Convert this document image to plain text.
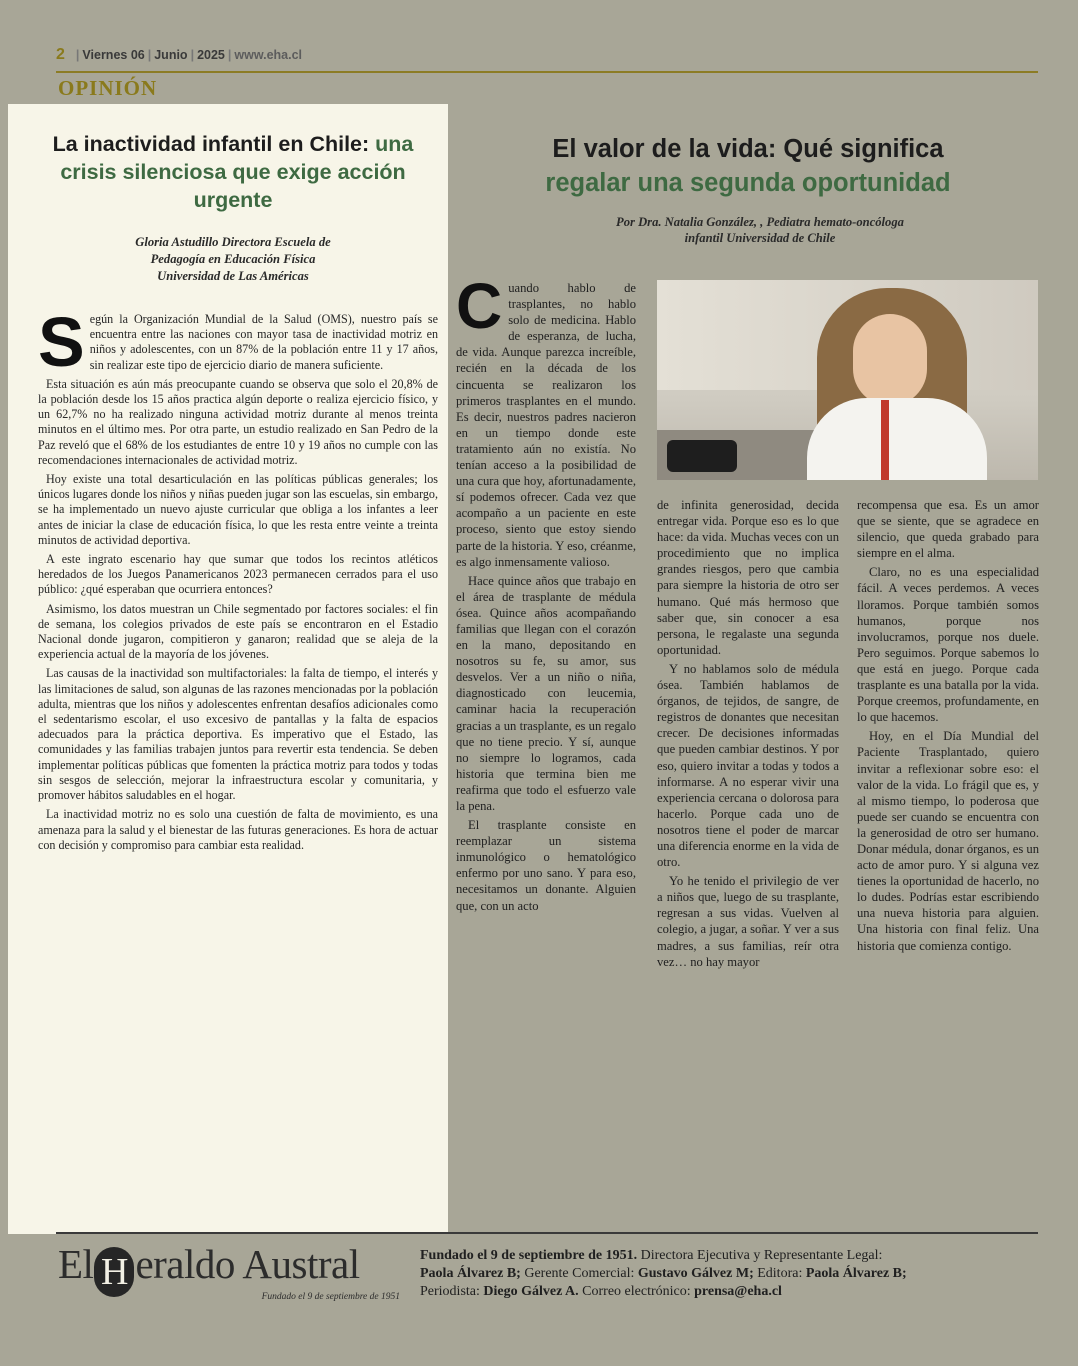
2 | Viernes 06 | Junio | 2025 | www.eha.cl
OPINIÓN
La inactividad infantil en Chile: una crisis silenciosa que exige acción urgente
Gloria Astudillo Directora Escuela de
Pedagogía en Educación Física
Universidad de Las Américas

Según la Organización Mundial de la Salud (OMS), nuestro país se encuentra entre las naciones con mayor tasa de inactividad motriz en niños y adolescentes, con un 87% de la población entre 11 y 17 años, sin realizar este tipo de ejercicio diario de manera suficiente.

Esta situación es aún más preocupante cuando se observa que solo el 20,8% de la población desde los 15 años practica algún deporte o realiza ejercicio físico, y un 62,7% no ha realizado ninguna actividad motriz durante al menos treinta minutos en el último mes. Por otra parte, un estudio realizado en San Pedro de la Paz reveló que el 68% de los estudiantes de entre 10 y 19 años no cumple con las recomendaciones internacionales de actividad motriz.

Hoy existe una total desarticulación en las políticas públicas generales; los únicos lugares donde los niños y niñas pueden jugar son las escuelas, sin embargo, se ha implementado un nuevo ajuste curricular que obliga a los infantes a leer antes de iniciar la clase de educación física, lo que les resta entre veinte a treinta minutos de actividad deportiva.

A este ingrato escenario hay que sumar que todos los recintos atléticos heredados de los Juegos Panamericanos 2023 permanecen cerrados para el uso público: ¿qué esperaban que ocurriera entonces?

Asimismo, los datos muestran un Chile segmentado por factores sociales: el fin de semana, los colegios privados de este país se encontraron en el Estadio Nacional donde jugaron, compitieron y ganaron; realidad que se aleja de la experiencia actual de la mayoría de los jóvenes.

Las causas de la inactividad son multifactoriales: la falta de tiempo, el interés y las limitaciones de salud, son algunas de las razones mencionadas por la población adulta, mientras que los niños y adolescentes enfrentan desafíos adicionales como el sedentarismo escolar, el uso excesivo de pantallas y la falta de espacios adecuados para la práctica deportiva. Es imperativo que el Estado, las comunidades y las familias trabajen juntos para revertir esta tendencia. Se deben implementar políticas públicas que fomenten la práctica motriz para todos y todas sin sesgos de selección, mejorar la infraestructura escolar y comunitaria, y promover hábitos saludables en el hogar.

La inactividad motriz no es solo una cuestión de falta de movimiento, es una amenaza para la salud y el bienestar de las futuras generaciones. Es hora de actuar con decisión y compromiso para cambiar esta realidad.

El valor de la vida: Qué significa
regalar una segunda oportunidad
Por Dra. Natalia González, , Pediatra hemato-oncóloga
infantil Universidad de Chile

Cuando hablo de trasplantes, no hablo solo de medicina. Hablo de esperanza, de lucha, de vida. Aunque parezca increíble, recién en la década de los cincuenta se realizaron los primeros trasplantes en el mundo. Es decir, nuestros padres nacieron en un tiempo donde este tratamiento aún no existía. No tenían acceso a la posibilidad de una cura que hoy, afortunadamente, sí podemos ofrecer. Cada vez que acompaño a un paciente en este proceso, siento que estoy siendo parte de la historia. Y eso, créanme, es algo inmensamente valioso.

Hace quince años que trabajo en el área de trasplante de médula ósea. Quince años acompañando familias que llegan con el corazón en la mano, depositando en nosotros su fe, su amor, sus desvelos. Ver a un niño o niña, diagnosticado con leucemia, caminar hacia la recuperación gracias a un trasplante, es un regalo que no tiene precio. Y sí, aunque no siempre lo logramos, cada historia que termina bien me reafirma que todo el esfuerzo vale la pena.

El trasplante consiste en reemplazar un sistema inmunológico o hematológico enfermo por uno sano. Y para eso, necesitamos un donante. Alguien que, con un acto

de infinita generosidad, decida entregar vida. Porque eso es lo que hace: da vida. Muchas veces con un procedimiento que no implica grandes riesgos, pero que cambia para siempre la historia de otro ser humano. Qué más hermoso que saber que, sin conocer a esa persona, le regalaste una segunda oportunidad.

Y no hablamos solo de médula ósea. También hablamos de órganos, de tejidos, de sangre, de registros de donantes que necesitan crecer. De decisiones informadas que pueden cambiar destinos. Y por eso, quiero invitar a todas y todos a informarse. A no esperar vivir una experiencia cercana o dolorosa para hacerlo. Porque cada uno de nosotros tiene el poder de marcar una diferencia enorme en la vida de otro.

Yo he tenido el privilegio de ver a niños que, luego de su trasplante, regresan a sus vidas. Vuelven al colegio, a jugar, a soñar. Y ver a sus madres, a sus familias, reír otra vez… no hay mayor

recompensa que esa. Es un amor que se siente, que se agradece en silencio, que queda grabado para siempre en el alma.

Claro, no es una especialidad fácil. A veces perdemos. A veces lloramos. Porque también somos humanos, porque nos involucramos, porque nos duele. Pero seguimos. Porque sabemos lo que está en juego. Porque cada trasplante es una batalla por la vida. Porque creemos, profundamente, en lo que hacemos.

Hoy, en el Día Mundial del Paciente Trasplantado, quiero invitar a reflexionar sobre eso: el valor de la vida. Lo frágil que es, y al mismo tiempo, lo poderosa que puede ser cuando se encuentra con la generosidad de otro ser humano. Donar médula, donar órganos, es un acto de amor puro. Y si alguna vez tienes la oportunidad de hacerlo, no lo dudes. Podrías estar escribiendo una nueva historia para alguien. Una historia con final feliz. Una historia que comienza contigo.

El H eraldo Austral
Fundado el 9 de septiembre de 1951
Fundado el 9 de septiembre de 1951. Directora Ejecutiva y Representante Legal:
Paola Álvarez B; Gerente Comercial: Gustavo Gálvez M; Editora: Paola Álvarez B;
Periodista: Diego Gálvez A. Correo electrónico: prensa@eha.cl
